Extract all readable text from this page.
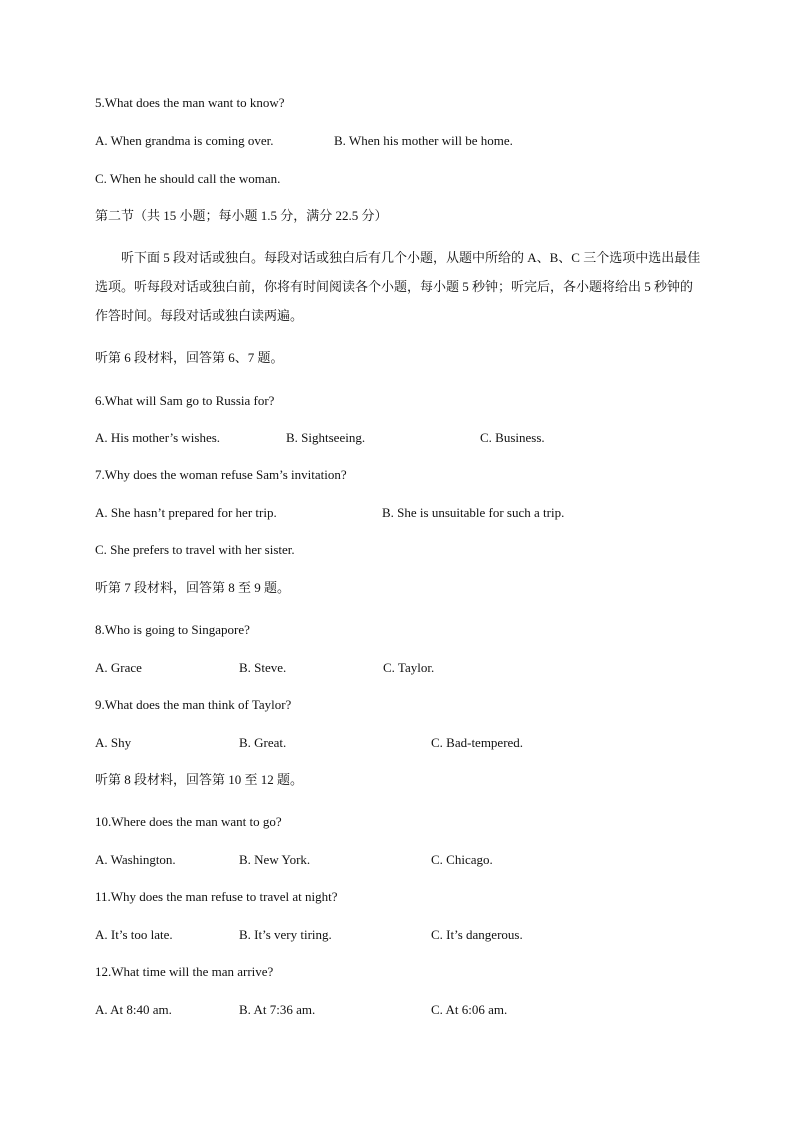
5.What does the man want to know?
A. When grandma is coming over.	B. When his mother will be home.
C. When he should call the woman.
第二节（共 15 小题；每小题 1.5 分，满分 22.5 分）
听下面 5 段对话或独白。每段对话或独白后有几个小题，从题中所给的 A、B、C 三个选项中选出最佳选项。听每段对话或独白前，你将有时间阅读各个小题，每小题 5 秒钟；听完后，各小题将给出 5 秒钟的作答时间。每段对话或独白读两遍。
听第 6 段材料，回答第 6、7 题。
6.What will Sam go to Russia for?
A. His mother’s wishes.	B. Sightseeing.	C. Business.
7.Why does the woman refuse Sam’s invitation?
A. She hasn’t prepared for her trip.	B. She is unsuitable for such a trip.
C. She prefers to travel with her sister.
听第 7 段材料，回答第 8 至 9 题。
8.Who is going to Singapore?
A. Grace	B. Steve.	C. Taylor.
9.What does the man think of Taylor?
A. Shy	B. Great.	C. Bad-tempered.
听第 8 段材料，回答第 10 至 12 题。
10.Where does the man want to go?
A. Washington.	B. New York.	C. Chicago.
11.Why does the man refuse to travel at night?
A. It’s too late.	B. It’s very tiring.	C. It’s dangerous.
12.What time will the man arrive?
A. At 8:40 am.	B. At 7:36 am.	C. At 6:06 am.
